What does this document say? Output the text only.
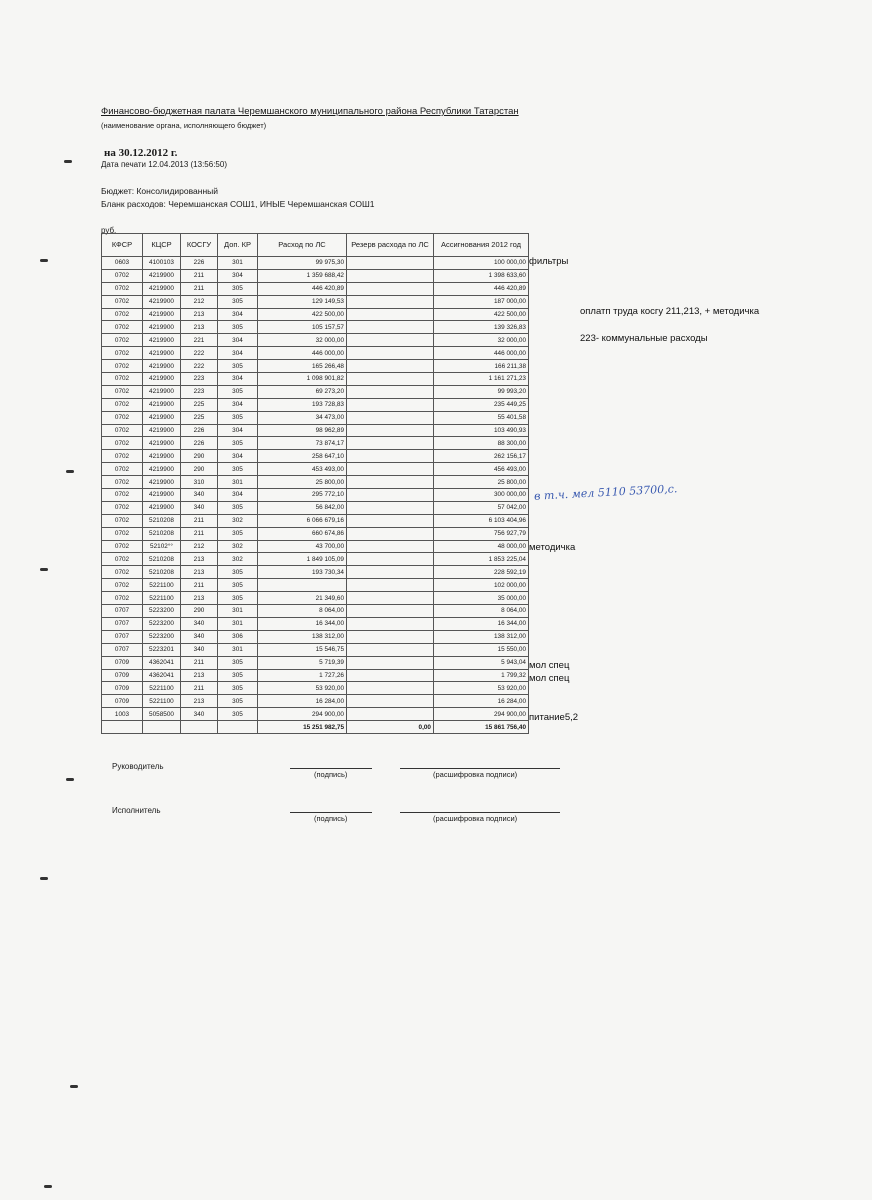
Финансово-бюджетная палата Черемшанского муниципального района Республики Татарстан
(наименование органа, исполняющего бюджет)
на 30.12.2012 г.
Дата печати 12.04.2013 (13:56:50)
Бюджет: Консолидированный
Бланк расходов: Черемшанская СОШ1, ИНЫЕ Черемшанская СОШ1
руб.
КФСР	КЦСР	КОСГУ	Доп. КР	Расход по ЛС	Резерв расхода по ЛС	Ассигнования 2012 год
0603	4100103	226	301	99 975,30		100 000,00
0702	4219900	211	304	1 359 688,42		1 398 633,60
0702	4219900	211	305	446 420,89		446 420,89
0702	4219900	212	305	129 149,53		187 000,00
0702	4219900	213	304	422 500,00		422 500,00
0702	4219900	213	305	105 157,57		139 326,83
0702	4219900	221	304	32 000,00		32 000,00
0702	4219900	222	304	446 000,00		446 000,00
0702	4219900	222	305	165 266,48		166 211,38
0702	4219900	223	304	1 098 901,82		1 161 271,23
0702	4219900	223	305	69 273,20		99 993,20
0702	4219900	225	304	193 728,83		235 449,25
0702	4219900	225	305	34 473,00		55 401,58
0702	4219900	226	304	98 962,89		103 490,93
0702	4219900	226	305	73 874,17		88 300,00
0702	4219900	290	304	258 647,10		262 156,17
0702	4219900	290	305	453 493,00		456 493,00
0702	4219900	310	301	25 800,00		25 800,00
0702	4219900	340	304	295 772,10		300 000,00
0702	4219900	340	305	56 842,00		57 042,00
0702	5210208	211	302	6 066 679,16		6 103 404,96
0702	5210208	211	305	660 674,86		756 927,79
0702	52102°°	212	302	43 700,00		48 000,00
0702	5210208	213	302	1 849 105,09		1 853 225,04
0702	5210208	213	305	193 730,34		228 592,19
0702	5221100	211	305			102 000,00
0702	5221100	213	305	21 349,60		35 000,00
0707	5223200	290	301	8 064,00		8 064,00
0707	5223200	340	301	16 344,00		16 344,00
0707	5223200	340	306	138 312,00		138 312,00
0707	5223201	340	301	15 546,75		15 550,00
0709	4362041	211	305	5 719,39		5 943,04
0709	4362041	213	305	1 727,26		1 799,32
0709	5221100	211	305	53 920,00		53 920,00
0709	5221100	213	305	16 284,00		16 284,00
1003	5058500	340	305	294 900,00		294 900,00
				15 251 982,75	0,00	15 861 756,40
фильтры
оплатп труда косгу 211,213, + методичка
223- коммунальные расходы
в т.ч. мел 5110 53700,с.
методичка
мол спец
мол спец
питание5,2
Руководитель
(подпись)	(расшифровка подписи)
Исполнитель
(подпись)	(расшифровка подписи)
